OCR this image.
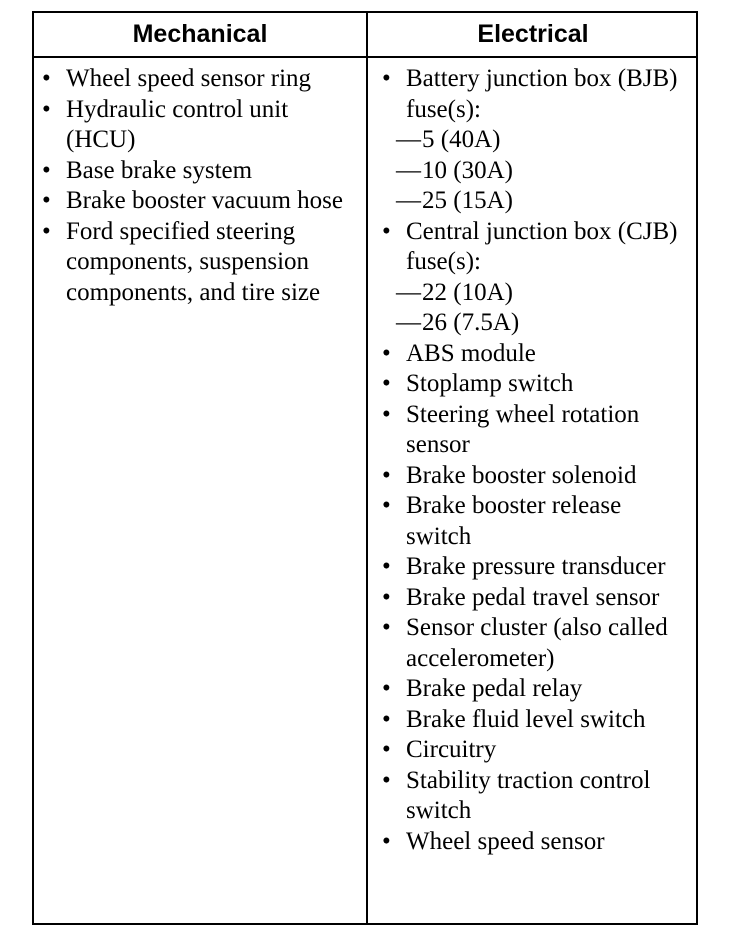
Mechanical	Electrical
• Wheel speed sensor ring
• Hydraulic control unit (HCU)
• Base brake system
• Brake booster vacuum hose
• Ford specified steering components, suspension components, and tire size
• Battery junction box (BJB) fuse(s):
— 5 (40A)
— 10 (30A)
— 25 (15A)
• Central junction box (CJB) fuse(s):
— 22 (10A)
— 26 (7.5A)
• ABS module
• Stoplamp switch
• Steering wheel rotation sensor
• Brake booster solenoid
• Brake booster release switch
• Brake pressure transducer
• Brake pedal travel sensor
• Sensor cluster (also called accelerometer)
• Brake pedal relay
• Brake fluid level switch
• Circuitry
• Stability traction control switch
• Wheel speed sensor
